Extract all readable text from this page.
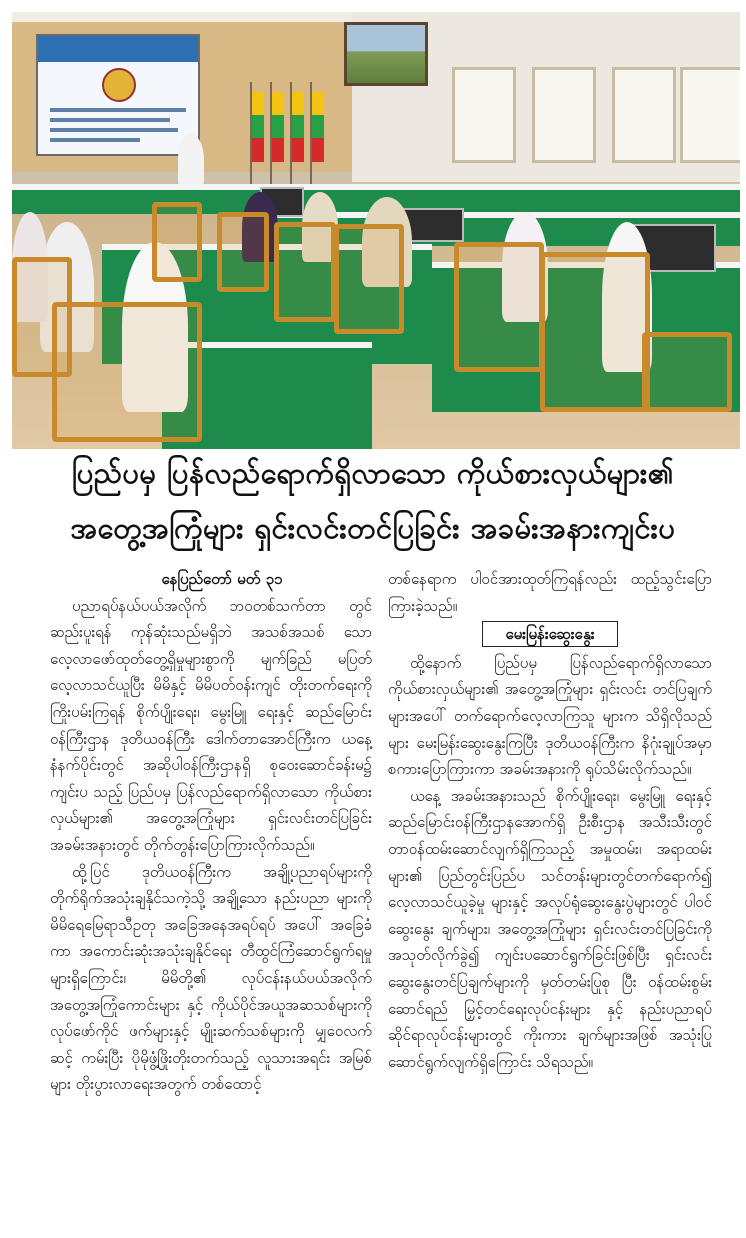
ပြည်ပမှ ပြန်လည်ရောက်ရှိလာသော ကိုယ်စားလှယ်များ၏
အတွေ့အကြုံများ ရှင်းလင်းတင်ပြခြင်း အခမ်းအနားကျင်းပ

နေပြည်တော် မတ် ၃၁

ပညာရပ်နယ်ပယ်အလိုက် ဘဝတစ်သက်တာ တွင်ဆည်းပူးရန် ကုန်ဆုံးသည်မရှိဘဲ အသစ်အသစ် သော လေ့လာဖော်ထုတ်တွေ့ရှိမှုများစွာကို မျက်ခြည် မပြတ် လေ့လာသင်ယူပြီး မိမိနှင့် မိမိပတ်ဝန်းကျင် တိုးတက်ရေးကို ကြိုးပမ်းကြရန် စိုက်ပျိုးရေး၊ မွေးမြူ ရေးနှင့် ဆည်မြောင်းဝန်ကြီးဌာန ဒုတိယဝန်ကြီး ဒေါက်တာအောင်ကြီးက ယနေ့နံနက်ပိုင်းတွင် အဆိုပါဝန်ကြီးဌာနရှိ စုဝေးဆောင်ခန်းမ၌ ကျင်းပ သည့် ပြည်ပမှ ပြန်လည်ရောက်ရှိလာသော ကိုယ်စား လှယ်များ၏ အတွေ့အကြုံများ ရှင်းလင်းတင်ပြခြင်း အခမ်းအနားတွင် တိုက်တွန်းပြောကြားလိုက်သည်။

ထို့ပြင် ဒုတိယဝန်ကြီးက အချို့ပညာရပ်များကို တိုက်ရိုက်အသုံးချနိုင်သကဲ့သို့ အချို့သော နည်းပညာ များကို မိမိရေမြေရာသီဥတု အခြေအနေအရပ်ရပ် အပေါ် အခြေခံကာ အကောင်းဆုံးအသုံးချနိုင်ရေး တီထွင်ကြံဆောင်ရွက်ရမှုများရှိကြောင်း၊ မိမိတို့၏ လုပ်ငန်းနယ်ပယ်အလိုက် အတွေ့အကြုံကောင်းများ နှင့် ကိုယ်ပိုင်အယူအဆသစ်များကို လုပ်ဖော်ကိုင် ဖက်များနှင့် မျိုးဆက်သစ်များကို မျှဝေလက်ဆင့် ကမ်းပြီး ပိုမိုဖွံ့ဖြိုးတိုးတက်သည့် လူသားအရင်း အမြစ်များ တိုးပွားလာရေးအတွက် တစ်ထောင့်

တစ်နေရာက ပါဝင်အားထုတ်ကြရန်လည်း ထည့်သွင်းပြောကြားခဲ့သည်။

မေးမြန်းဆွေးနွေး

ထို့နောက် ပြည်ပမှ ပြန်လည်ရောက်ရှိလာသော ကိုယ်စားလှယ်များ၏ အတွေ့အကြုံများ ရှင်းလင်း တင်ပြချက်များအပေါ် တက်ရောက်လေ့လာကြသူ များက သိရှိလိုသည်များ မေးမြန်းဆွေးနွေးကြပြီး ဒုတိယဝန်ကြီးက နိဂုံးချုပ်အမှာစကားပြောကြားကာ အခမ်းအနားကို ရုပ်သိမ်းလိုက်သည်။

ယနေ့ အခမ်းအနားသည် စိုက်ပျိုးရေး၊ မွေးမြူ ရေးနှင့် ဆည်မြောင်းဝန်ကြီးဌာနအောက်ရှိ ဦးစီးဌာန အသီးသီးတွင် တာဝန်ထမ်းဆောင်လျက်ရှိကြသည့် အမှုထမ်း၊ အရာထမ်းများ၏ ပြည်တွင်းပြည်ပ သင်တန်းများတွင်တက်ရောက်၍ လေ့လာသင်ယူခဲ့မှု များနှင့် အလုပ်ရုံဆွေးနွေးပွဲများတွင် ပါဝင်ဆွေးနွေး ချက်များ၊ အတွေ့အကြုံများ ရှင်းလင်းတင်ပြခြင်းကို အသုတ်လိုက်ခွဲ၍ ကျင်းပဆောင်ရွက်ခြင်းဖြစ်ပြီး ရှင်းလင်းဆွေးနွေးတင်ပြချက်များကို မှတ်တမ်းပြုစု ပြီး ဝန်ထမ်းစွမ်းဆောင်ရည် မြှင့်တင်ရေးလုပ်ငန်းများ နှင့် နည်းပညာရပ်ဆိုင်ရာလုပ်ငန်းများတွင် ကိုးကား ချက်များအဖြစ် အသုံးပြုဆောင်ရွက်လျက်ရှိကြောင်း သိရသည်။
